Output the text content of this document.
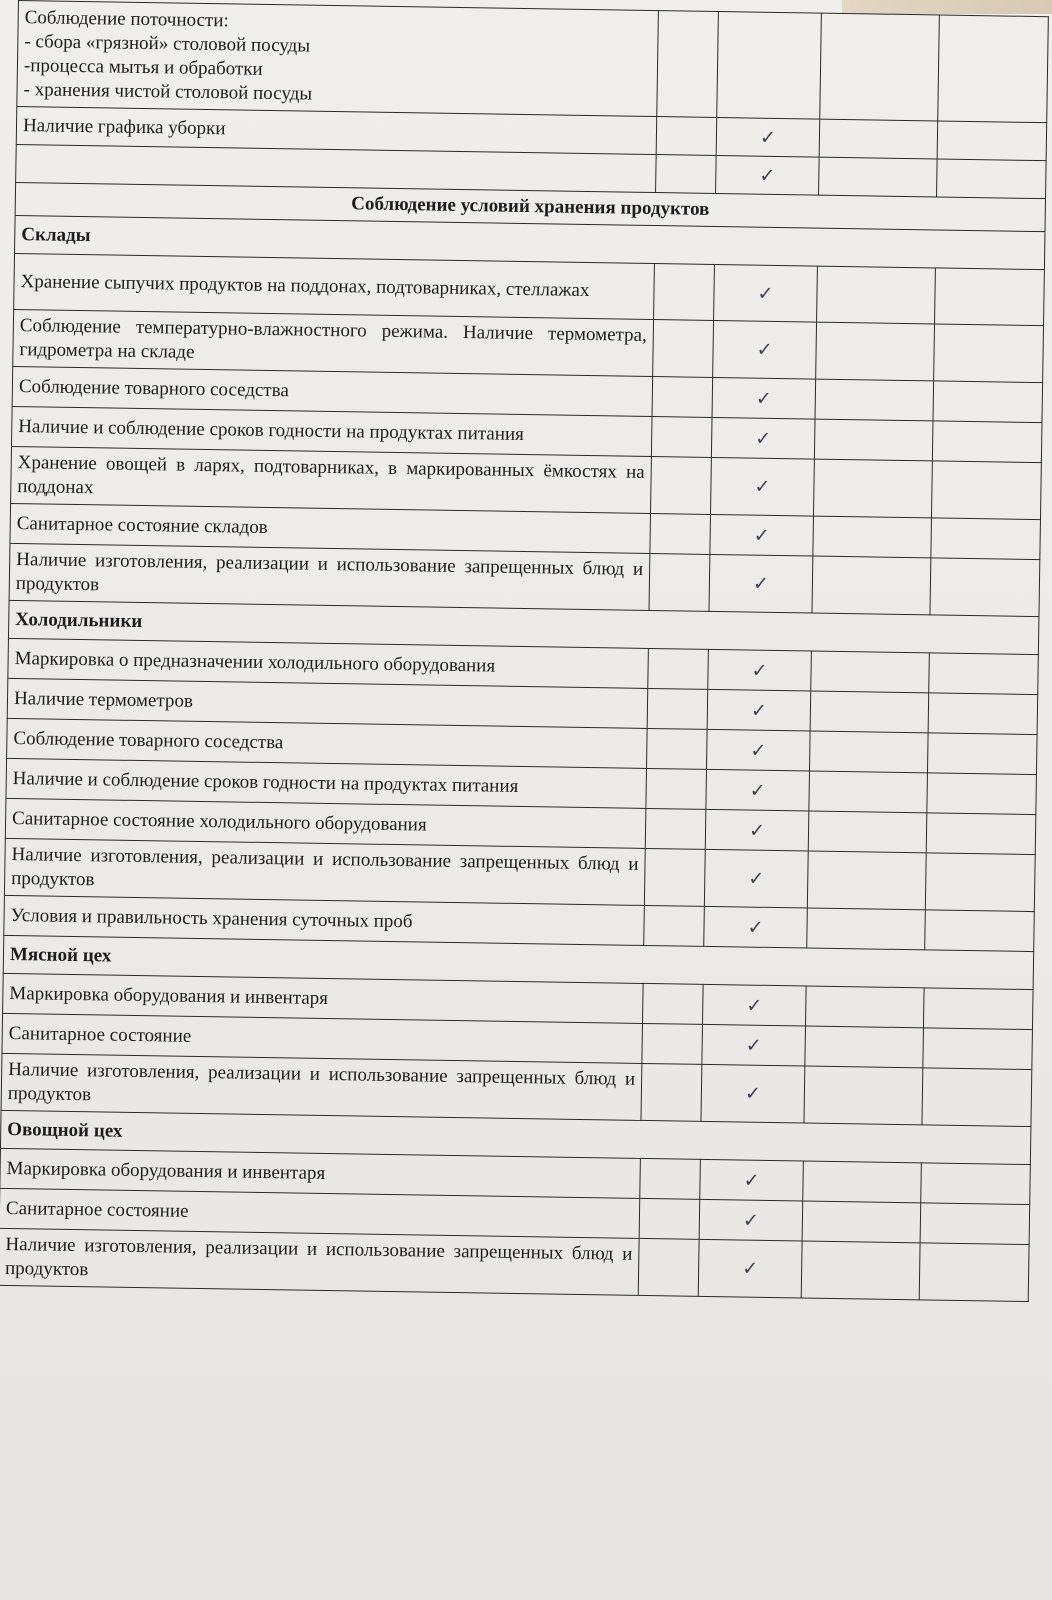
Соблюдение поточности:
- сбора «грязной» столовой посуды
-процесса мытья и обработки
- хранения чистой столовой посуды				

Наличие графика уборки		✓		
		✓		
Соблюдение условий хранения продуктов				
Склады				
Хранение сыпучих продуктов на поддонах, подтоварниках, стеллажах		✓		
Соблюдение температурно-влажностного режима. Наличие термометра, гидрометра на складе		✓		
Соблюдение товарного соседства		✓		
Наличие и соблюдение сроков годности на продуктах питания		✓		
Хранение овощей в ларях, подтоварниках, в маркированных ёмкостях на поддонах		✓		
Санитарное состояние складов		✓		
Наличие изготовления, реализации и использование запрещенных блюд и продуктов		✓		
Холодильники				
Маркировка о предназначении холодильного оборудования		✓		
Наличие термометров		✓		
Соблюдение товарного соседства		✓		
Наличие и соблюдение сроков годности на продуктах питания		✓		
Санитарное состояние холодильного оборудования		✓		
Наличие изготовления, реализации и использование запрещенных блюд и продуктов		✓		
Условия и правильность хранения суточных проб		✓		
Мясной цех				
Маркировка оборудования и инвентаря		✓		
Санитарное состояние		✓		
Наличие изготовления, реализации и использование запрещенных блюд и продуктов		✓		
Овощной цех				
Маркировка оборудования и инвентаря		✓		
Санитарное состояние		✓		
Наличие изготовления, реализации и использование запрещенных блюд и продуктов		✓		
